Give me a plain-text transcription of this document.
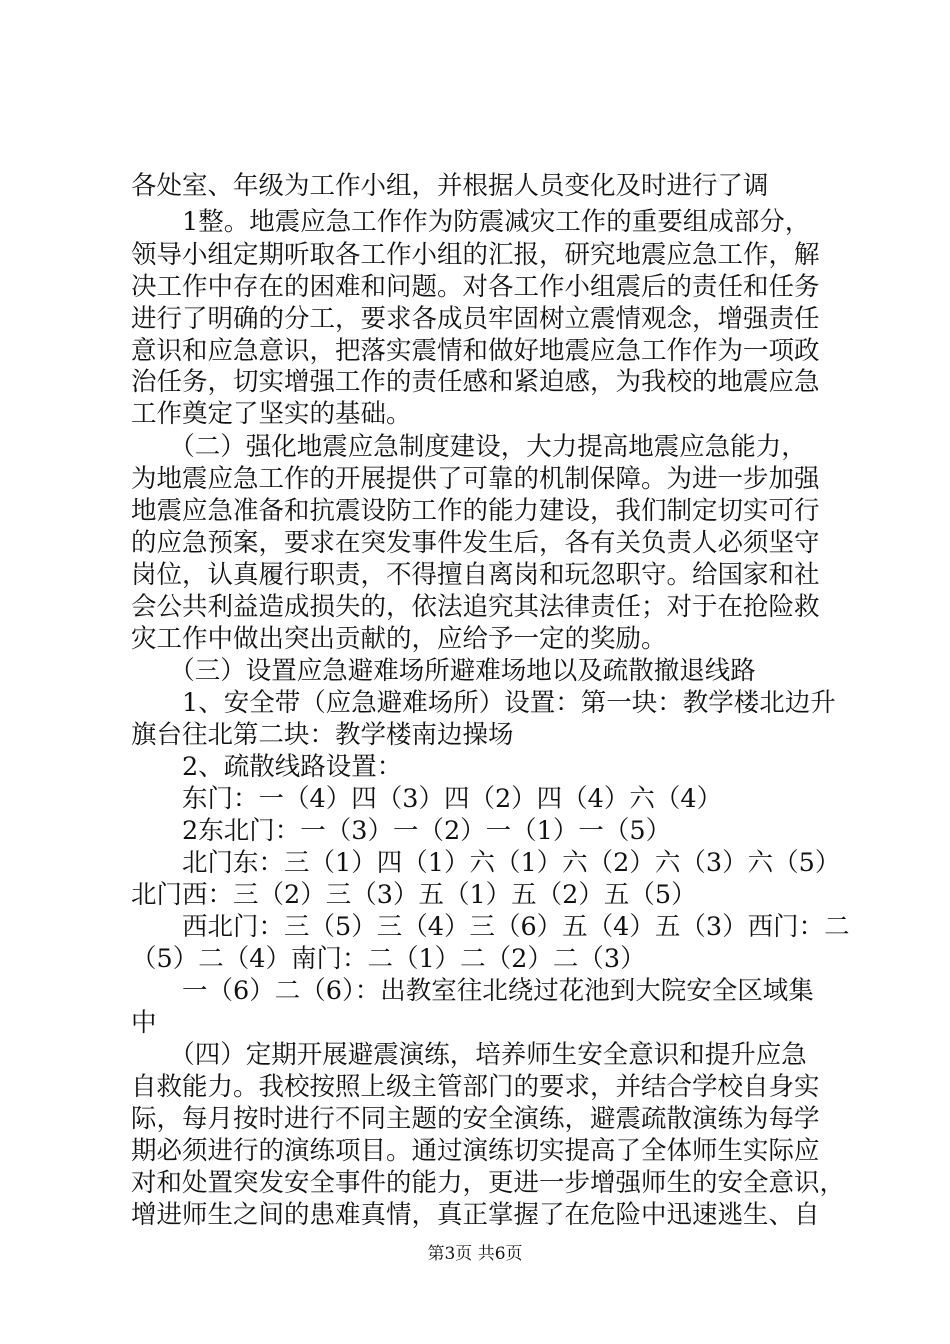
各处室、年级为工作小组，并根据人员变化及时进行了调
　　1整。地震应急工作作为防震减灾工作的重要组成部分，
领导小组定期听取各工作小组的汇报，研究地震应急工作，解
决工作中存在的困难和问题。对各工作小组震后的责任和任务
进行了明确的分工，要求各成员牢固树立震情观念，增强责任
意识和应急意识，把落实震情和做好地震应急工作作为一项政
治任务，切实增强工作的责任感和紧迫感，为我校的地震应急
工作奠定了坚实的基础。
　　（二）强化地震应急制度建设，大力提高地震应急能力，
为地震应急工作的开展提供了可靠的机制保障。为进一步加强
地震应急准备和抗震设防工作的能力建设，我们制定切实可行
的应急预案，要求在突发事件发生后，各有关负责人必须坚守
岗位，认真履行职责，不得擅自离岗和玩忽职守。给国家和社
会公共利益造成损失的，依法追究其法律责任；对于在抢险救
灾工作中做出突出贡献的，应给予一定的奖励。
　　（三）设置应急避难场所避难场地以及疏散撤退线路
　　1、安全带（应急避难场所）设置：第一块：教学楼北边升
旗台往北第二块：教学楼南边操场
　　2、疏散线路设置：
　　东门：一（4）四（3）四（2）四（4）六（4）
　　2东北门：一（3）一（2）一（1）一（5）
　　北门东：三（1）四（1）六（1）六（2）六（3）六（5）
北门西：三（2）三（3）五（1）五（2）五（5）
　　西北门：三（5）三（4）三（6）五（4）五（3）西门：二
（5）二（4）南门：二（1）二（2）二（3）
　　一（6）二（6）：出教室往北绕过花池到大院安全区域集
中
　　（四）定期开展避震演练，培养师生安全意识和提升应急
自救能力。我校按照上级主管部门的要求，并结合学校自身实
际，每月按时进行不同主题的安全演练，避震疏散演练为每学
期必须进行的演练项目。通过演练切实提高了全体师生实际应
对和处置突发安全事件的能力，更进一步增强师生的安全意识，
增进师生之间的患难真情，真正掌握了在危险中迅速逃生、自
第3页 共6页
